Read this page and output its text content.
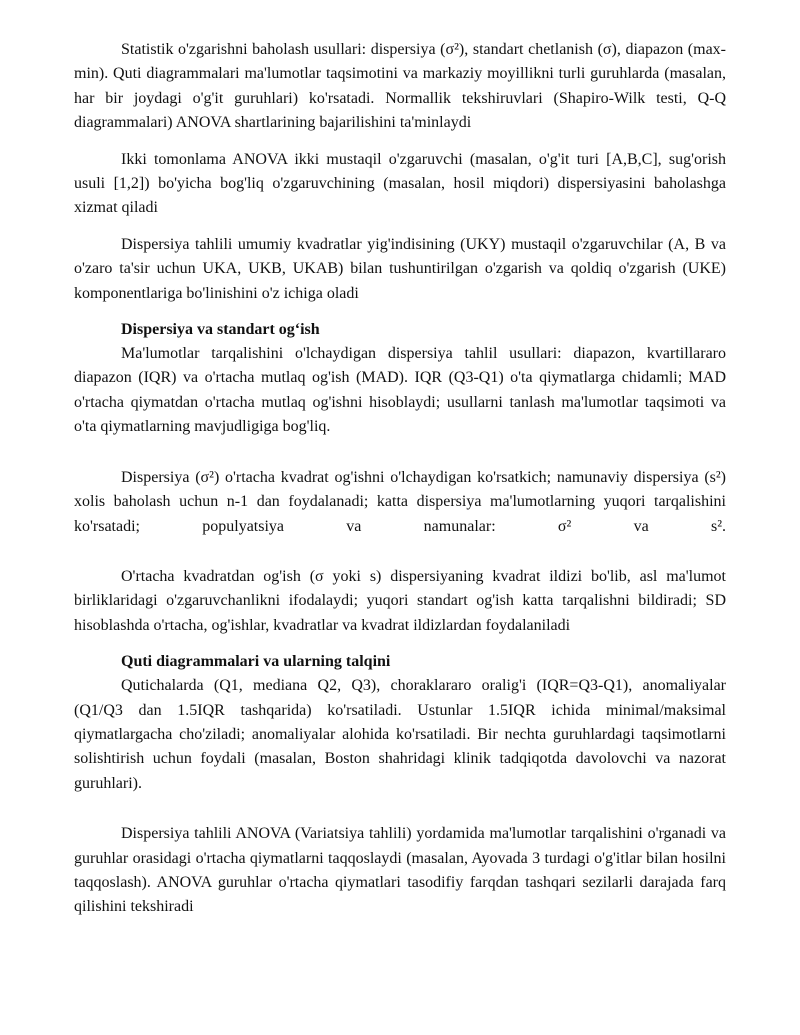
Statistik o'zgarishni baholash usullari: dispersiya (σ²), standart chetlanish (σ), diapazon (max-min). Quti diagrammalari ma'lumotlar taqsimotini va markaziy moyillikni turli guruhlarda (masalan, har bir joydagi o'g'it guruhlari) ko'rsatadi. Normallik tekshiruvlari (Shapiro-Wilk testi, Q-Q diagrammalari) ANOVA shartlarining bajarilishini ta'minlaydi

Ikki tomonlama ANOVA ikki mustaqil o'zgaruvchi (masalan, o'g'it turi [A,B,C], sug'orish usuli [1,2]) bo'yicha bog'liq o'zgaruvchining (masalan, hosil miqdori) dispersiyasini baholashga xizmat qiladi

Dispersiya tahlili umumiy kvadratlar yig'indisining (UKY) mustaqil o'zgaruvchilar (A, B va o'zaro ta'sir uchun UKA, UKB, UKAB) bilan tushuntirilgan o'zgarish va qoldiq o'zgarish (UKE) komponentlariga bo'linishini o'z ichiga oladi

Dispersiya va standart og‘ish

Ma'lumotlar tarqalishini o'lchaydigan dispersiya tahlil usullari: diapazon, kvartillararo diapazon (IQR) va o'rtacha mutlaq og'ish (MAD). IQR (Q3-Q1) o'ta qiymatlarga chidamli; MAD o'rtacha qiymatdan o'rtacha mutlaq og'ishni hisoblaydi; usullarni tanlash ma'lumotlar taqsimoti va o'ta qiymatlarning mavjudligiga bog'liq.

Dispersiya (σ²) o'rtacha kvadrat og'ishni o'lchaydigan ko'rsatkich; namunaviy dispersiya (s²) xolis baholash uchun n-1 dan foydalanadi; katta dispersiya ma'lumotlarning yuqori tarqalishini ko'rsatadi; populyatsiya va namunalar: σ² va s².

O'rtacha kvadratdan og'ish (σ yoki s) dispersiyaning kvadrat ildizi bo'lib, asl ma'lumot birliklaridagi o'zgaruvchanlikni ifodalaydi; yuqori standart og'ish katta tarqalishni bildiradi; SD hisoblashda o'rtacha, og'ishlar, kvadratlar va kvadrat ildizlardan foydalaniladi

Quti diagrammalari va ularning talqini

Qutichalarda (Q1, mediana Q2, Q3), choraklararo oralig'i (IQR=Q3-Q1), anomaliyalar (Q1/Q3 dan 1.5IQR tashqarida) ko'rsatiladi. Ustunlar 1.5IQR ichida minimal/maksimal qiymatlargacha cho'ziladi; anomaliyalar alohida ko'rsatiladi. Bir nechta guruhlardagi taqsimotlarni solishtirish uchun foydali (masalan, Boston shahridagi klinik tadqiqotda davolovchi va nazorat guruhlari).

Dispersiya tahlili ANOVA (Variatsiya tahlili) yordamida ma'lumotlar tarqalishini o'rganadi va guruhlar orasidagi o'rtacha qiymatlarni taqqoslaydi (masalan, Ayovada 3 turdagi o'g'itlar bilan hosilni taqqoslash). ANOVA guruhlar o'rtacha qiymatlari tasodifiy farqdan tashqari sezilarli darajada farq qilishini tekshiradi
